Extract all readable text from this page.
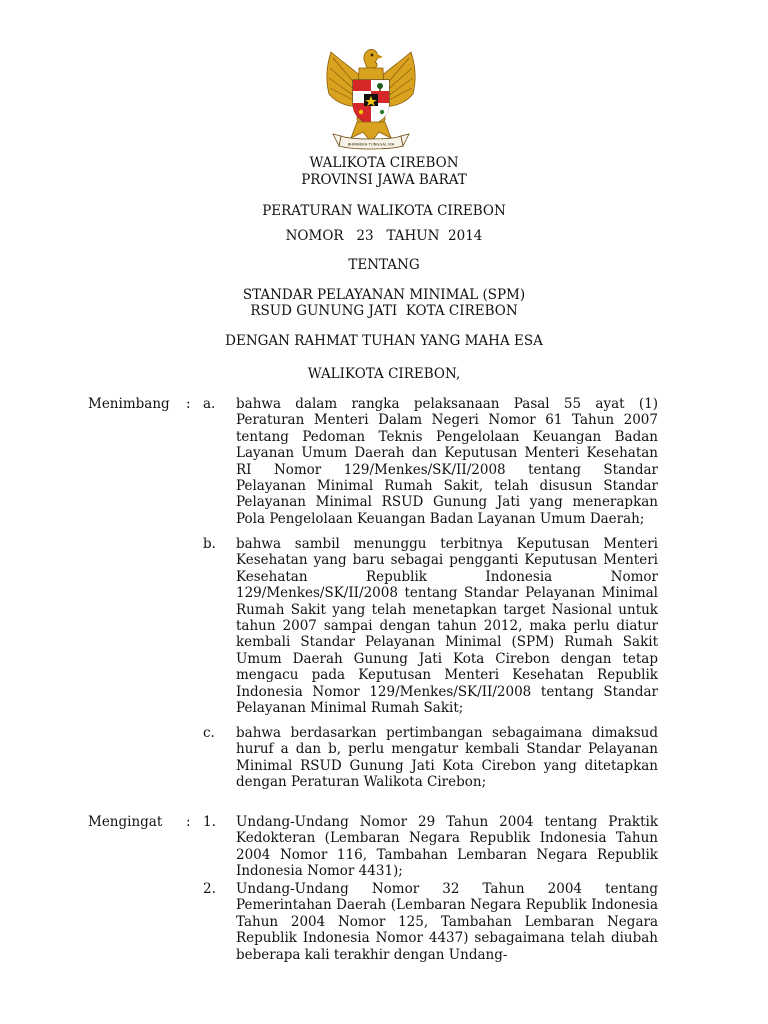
BHINNEKA TUNGGAL IKA
WALIKOTA CIREBON
PROVINSI JAWA BARAT
PERATURAN WALIKOTA CIREBON
NOMOR   23   TAHUN  2014
TENTANG
STANDAR PELAYANAN MINIMAL (SPM)
RSUD GUNUNG JATI  KOTA CIREBON
DENGAN RAHMAT TUHAN YANG MAHA ESA
WALIKOTA CIREBON,
Menimbang : a. bahwa dalam rangka pelaksanaan Pasal 55 ayat (1) Peraturan Menteri Dalam Negeri Nomor 61 Tahun 2007 tentang Pedoman Teknis Pengelolaan Keuangan Badan Layanan Umum Daerah dan Keputusan Menteri Kesehatan RI Nomor 129/Menkes/SK/II/2008 tentang Standar Pelayanan Minimal Rumah Sakit, telah disusun Standar Pelayanan Minimal RSUD Gunung Jati yang menerapkan Pola Pengelolaan Keuangan Badan Layanan Umum Daerah;
b. bahwa sambil menunggu terbitnya Keputusan Menteri Kesehatan yang baru sebagai pengganti Keputusan Menteri Kesehatan Republik Indonesia Nomor 129/Menkes/SK/II/2008 tentang Standar Pelayanan Minimal Rumah Sakit yang telah menetapkan target Nasional untuk tahun 2007 sampai dengan tahun 2012, maka perlu diatur kembali Standar Pelayanan Minimal (SPM) Rumah Sakit Umum Daerah Gunung Jati Kota Cirebon dengan tetap mengacu pada Keputusan Menteri Kesehatan Republik Indonesia Nomor 129/Menkes/SK/II/2008 tentang Standar Pelayanan Minimal Rumah Sakit;
c. bahwa berdasarkan pertimbangan sebagaimana dimaksud huruf a dan b, perlu mengatur kembali Standar Pelayanan Minimal RSUD Gunung Jati Kota Cirebon yang ditetapkan dengan Peraturan Walikota Cirebon;
Mengingat : 1. Undang-Undang Nomor 29 Tahun 2004 tentang Praktik Kedokteran (Lembaran Negara Republik Indonesia Tahun 2004 Nomor 116, Tambahan Lembaran Negara Republik Indonesia Nomor 4431);
2. Undang-Undang Nomor 32 Tahun 2004 tentang Pemerintahan Daerah (Lembaran Negara Republik Indonesia Tahun 2004 Nomor 125, Tambahan Lembaran Negara Republik Indonesia Nomor 4437) sebagaimana telah diubah beberapa kali terakhir dengan Undang-
